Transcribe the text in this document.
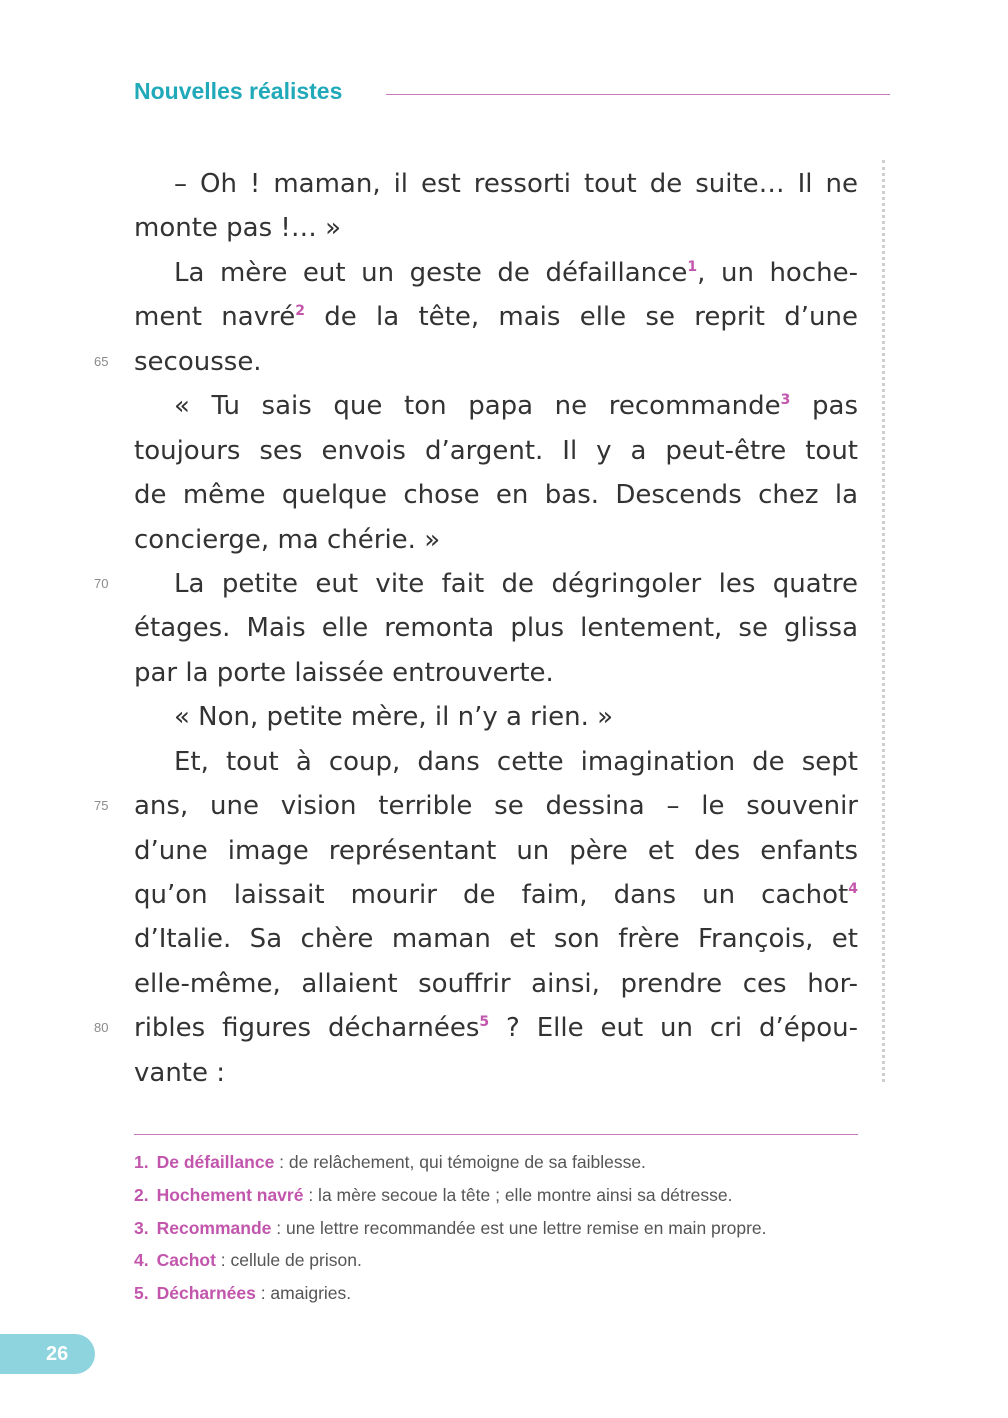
Nouvelles réalistes
– Oh ! maman, il est ressorti tout de suite… Il ne
monte pas !… »
La mère eut un geste de défaillance$^1$, un hoche-
ment navré$^2$ de la tête, mais elle se reprit d’une
65 secousse.
« Tu sais que ton papa ne recommande$^3$ pas
toujours ses envois d’argent. Il y a peut-être tout
de même quelque chose en bas. Descends chez la
concierge, ma chérie. »
70	La petite eut vite fait de dégringoler les quatre
étages. Mais elle remonta plus lentement, se glissa
par la porte laissée entrouverte.
« Non, petite mère, il n’y a rien. »
Et, tout à coup, dans cette imagination de sept
75 ans, une vision terrible se dessina – le souvenir
d’une image représentant un père et des enfants
qu’on laissait mourir de faim, dans un cachot$^4$
d’Italie. Sa chère maman et son frère François, et
elle-même, allaient souffrir ainsi, prendre ces hor-
80 ribles figures décharnées$^5$ ? Elle eut un cri d’épou-
vante :
1. De défaillance : de relâchement, qui témoigne de sa faiblesse.
2. Hochement navré : la mère secoue la tête ; elle montre ainsi sa détresse.
3. Recommande : une lettre recommandée est une lettre remise en main propre.
4. Cachot : cellule de prison.
5. Décharnées : amaigries.
26
